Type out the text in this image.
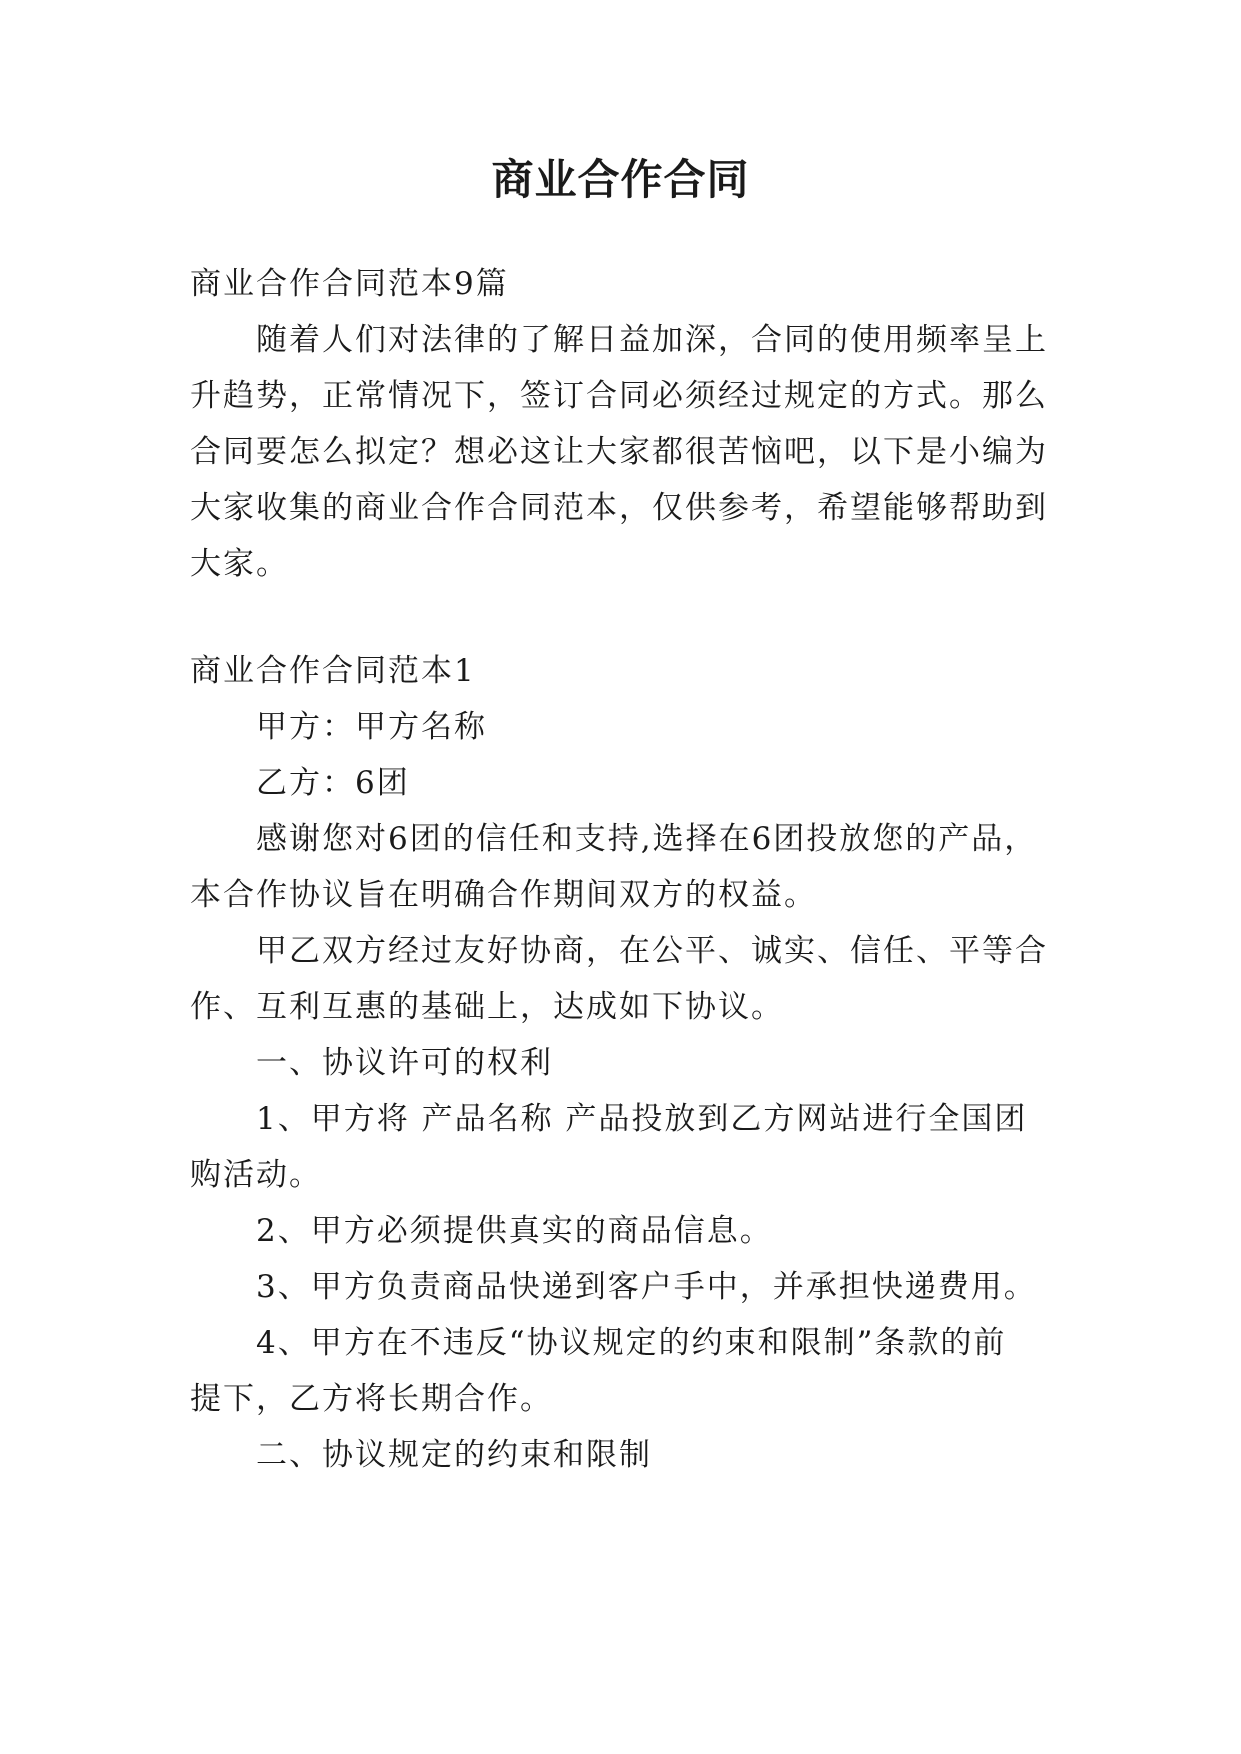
商业合作合同
商业合作合同范本9篇
随着人们对法律的了解日益加深，合同的使用频率呈上
升趋势，正常情况下，签订合同必须经过规定的方式。那么
合同要怎么拟定？想必这让大家都很苦恼吧，以下是小编为
大家收集的商业合作合同范本，仅供参考，希望能够帮助到
大家。
商业合作合同范本1
甲方：甲方名称
乙方：6团
感谢您对6团的信任和支持,选择在6团投放您的产品，
本合作协议旨在明确合作期间双方的权益。
甲乙双方经过友好协商，在公平、诚实、信任、平等合
作、互利互惠的基础上，达成如下协议。
一、协议许可的权利
1、甲方将 产品名称 产品投放到乙方网站进行全国团
购活动。
2、甲方必须提供真实的商品信息。
3、甲方负责商品快递到客户手中，并承担快递费用。
4、甲方在不违反“协议规定的约束和限制”条款的前
提下，乙方将长期合作。
二、协议规定的约束和限制
